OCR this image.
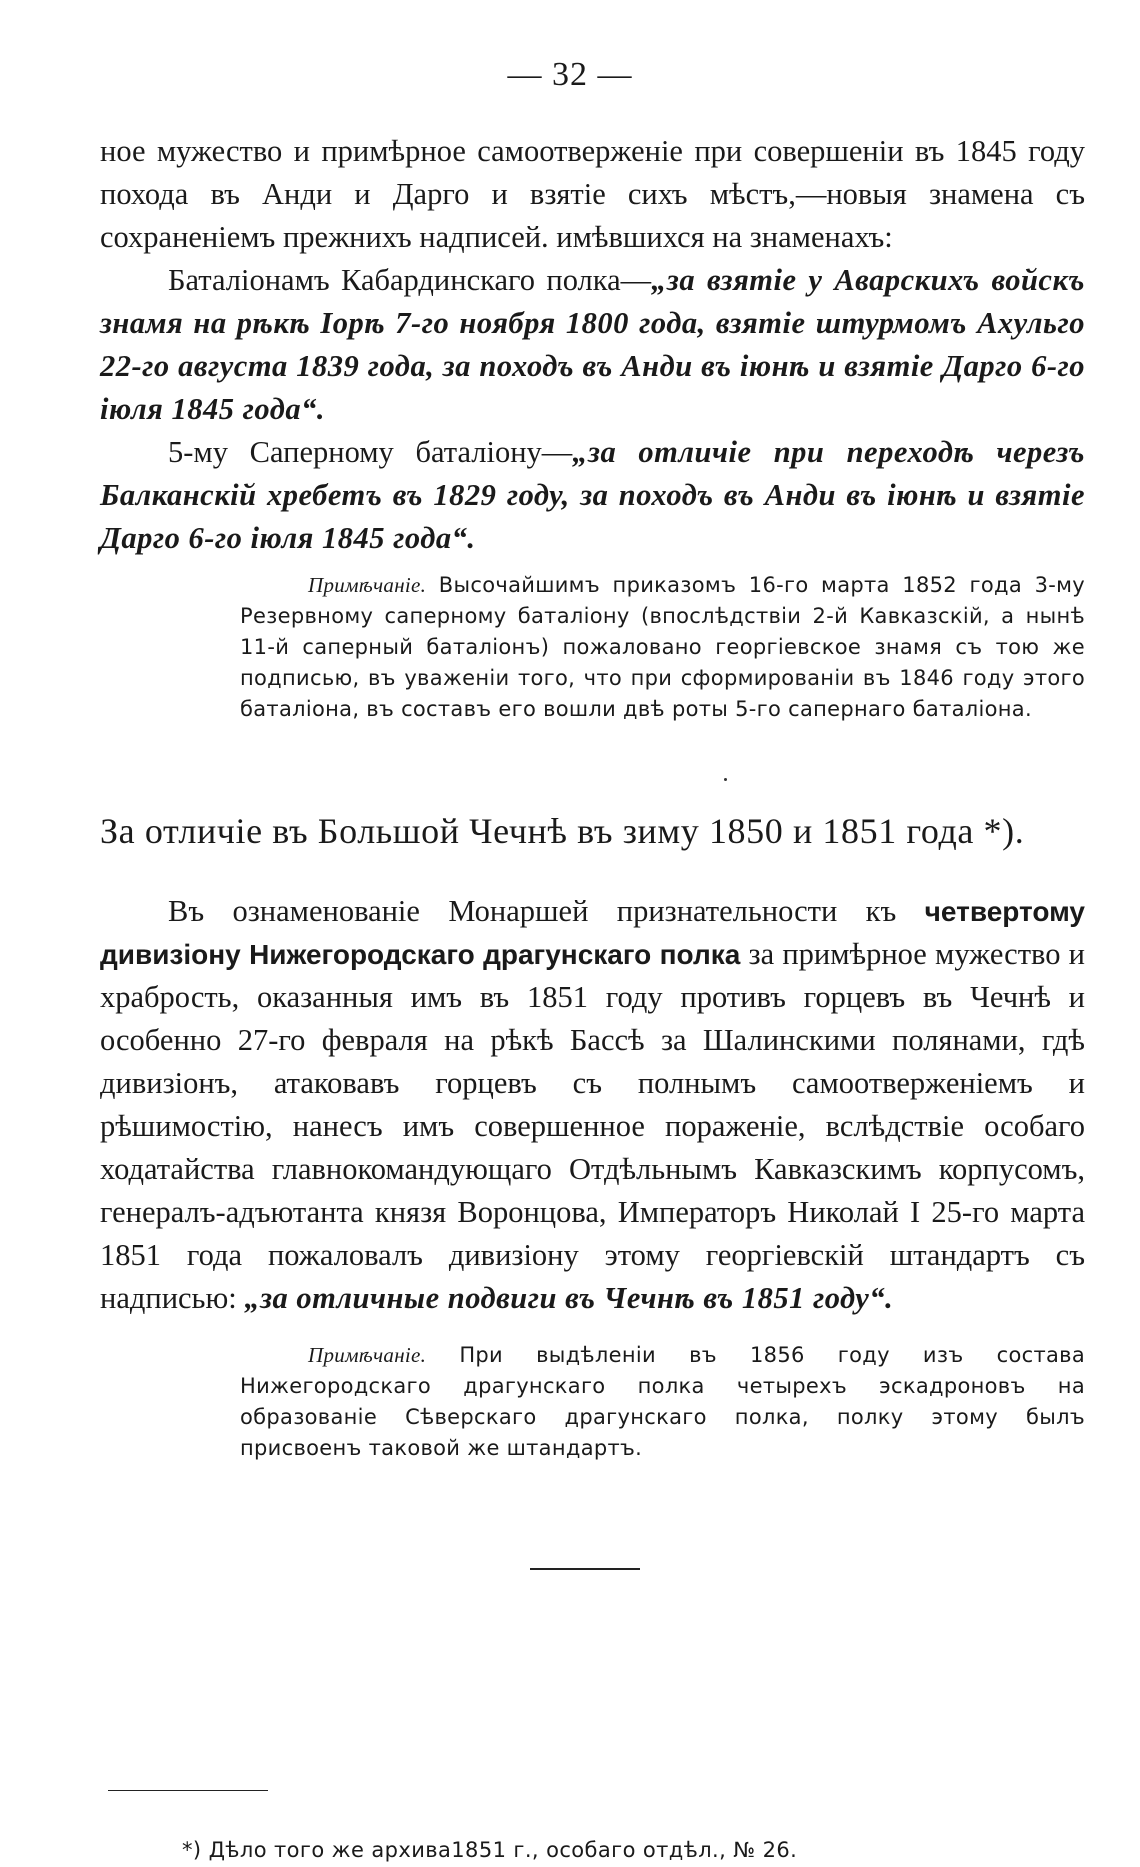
— 32 —

ное мужество и примѣрное самоотверженіе при совершеніи въ 1845 году похода въ Анди и Дарго и взятіе сихъ мѣстъ,—новыя знамена съ сохраненіемъ прежнихъ надписей. имѣвшихся на знаменахъ:

Баталіонамъ Кабардинскаго полка—„за взятіе у Аварскихъ войскъ знамя на рѣкѣ Іорѣ 7-го ноября 1800 года, взятіе штурмомъ Ахульго 22-го августа 1839 года, за походъ въ Анди въ іюнѣ и взятіе Дарго 6-го іюля 1845 года“.

5-му Саперному баталіону—„за отличіе при переходѣ черезъ Балканскій хребетъ въ 1829 году, за походъ въ Анди въ іюнѣ и взятіе Дарго 6-го іюля 1845 года“.

Примѣчаніе. Высочайшимъ приказомъ 16-го марта 1852 года 3-му Резервному саперному баталіону (впослѣдствіи 2-й Кавказскій, а нынѣ 11-й саперный баталіонъ) пожаловано георгіевское знамя съ тою же подписью, въ уваженіи того, что при сформированіи въ 1846 году этого баталіона, въ составъ его вошли двѣ роты 5-го сапернаго баталіона.

За отличіе въ Большой Чечнѣ въ зиму 1850 и 1851 года *).

Въ ознаменованіе Монаршей признательности къ четвертому дивизіону Нижегородскаго драгунскаго полка за примѣрное мужество и храбрость, оказанныя имъ въ 1851 году противъ горцевъ въ Чечнѣ и особенно 27-го февраля на рѣкѣ Бассѣ за Шалинскими полянами, гдѣ дивизіонъ, атаковавъ горцевъ съ полнымъ самоотверженіемъ и рѣшимостію, нанесъ имъ совершенное пораженіе, вслѣдствіе особаго ходатайства главнокомандующаго Отдѣльнымъ Кавказскимъ корпусомъ, генералъ-адъютанта князя Воронцова, Императоръ Николай I 25-го марта 1851 года пожаловалъ дивизіону этому георгіевскій штандартъ съ надписью: „за отличные подвиги въ Чечнѣ въ 1851 году“.

Примѣчаніе. При выдѣленіи въ 1856 году изъ состава Нижегородскаго драгунскаго полка четырехъ эскадроновъ на образованіе Сѣверскаго драгунскаго полка, полку этому былъ присвоенъ таковой же штандартъ.

*) Дѣло того же архива1851 г., особаго отдѣл., № 26.
